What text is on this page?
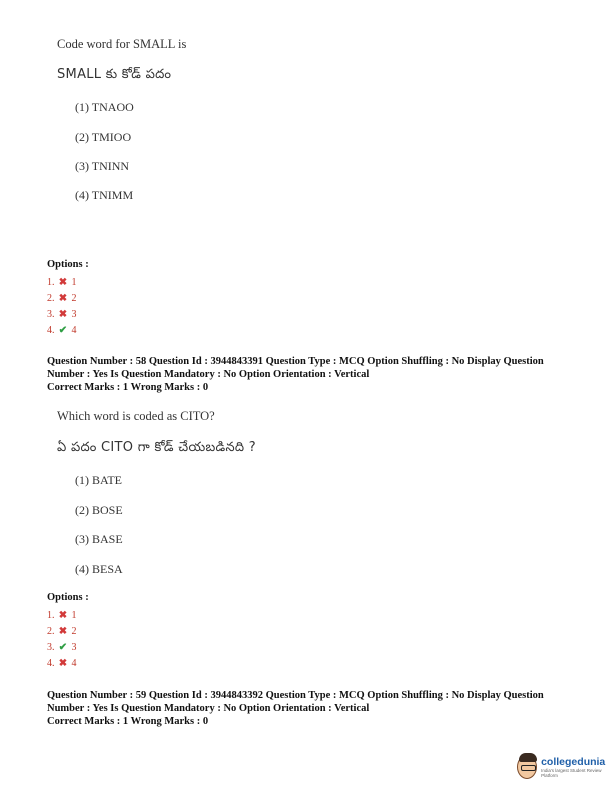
Code word for SMALL is
SMALL కు కోడ్ పదం
(1) TNAOO
(2) TMIOO
(3) TNINN
(4) TNIMM
Options :
1. ✖ 1
2. ✖ 2
3. ✖ 3
4. ✔ 4
Question Number : 58 Question Id : 3944843391 Question Type : MCQ Option Shuffling : No Display Question
Number : Yes Is Question Mandatory : No Option Orientation : Vertical
Correct Marks : 1 Wrong Marks : 0
Which word is coded as CITO?
ఏ పదం CITO గా కోడ్ చేయబడినది ?
(1) BATE
(2) BOSE
(3) BASE
(4) BESA
Options :
1. ✖ 1
2. ✖ 2
3. ✔ 3
4. ✖ 4
Question Number : 59 Question Id : 3944843392 Question Type : MCQ Option Shuffling : No Display Question
Number : Yes Is Question Mandatory : No Option Orientation : Vertical
Correct Marks : 1 Wrong Marks : 0
collegedunia
India's largest Student Review Platform
